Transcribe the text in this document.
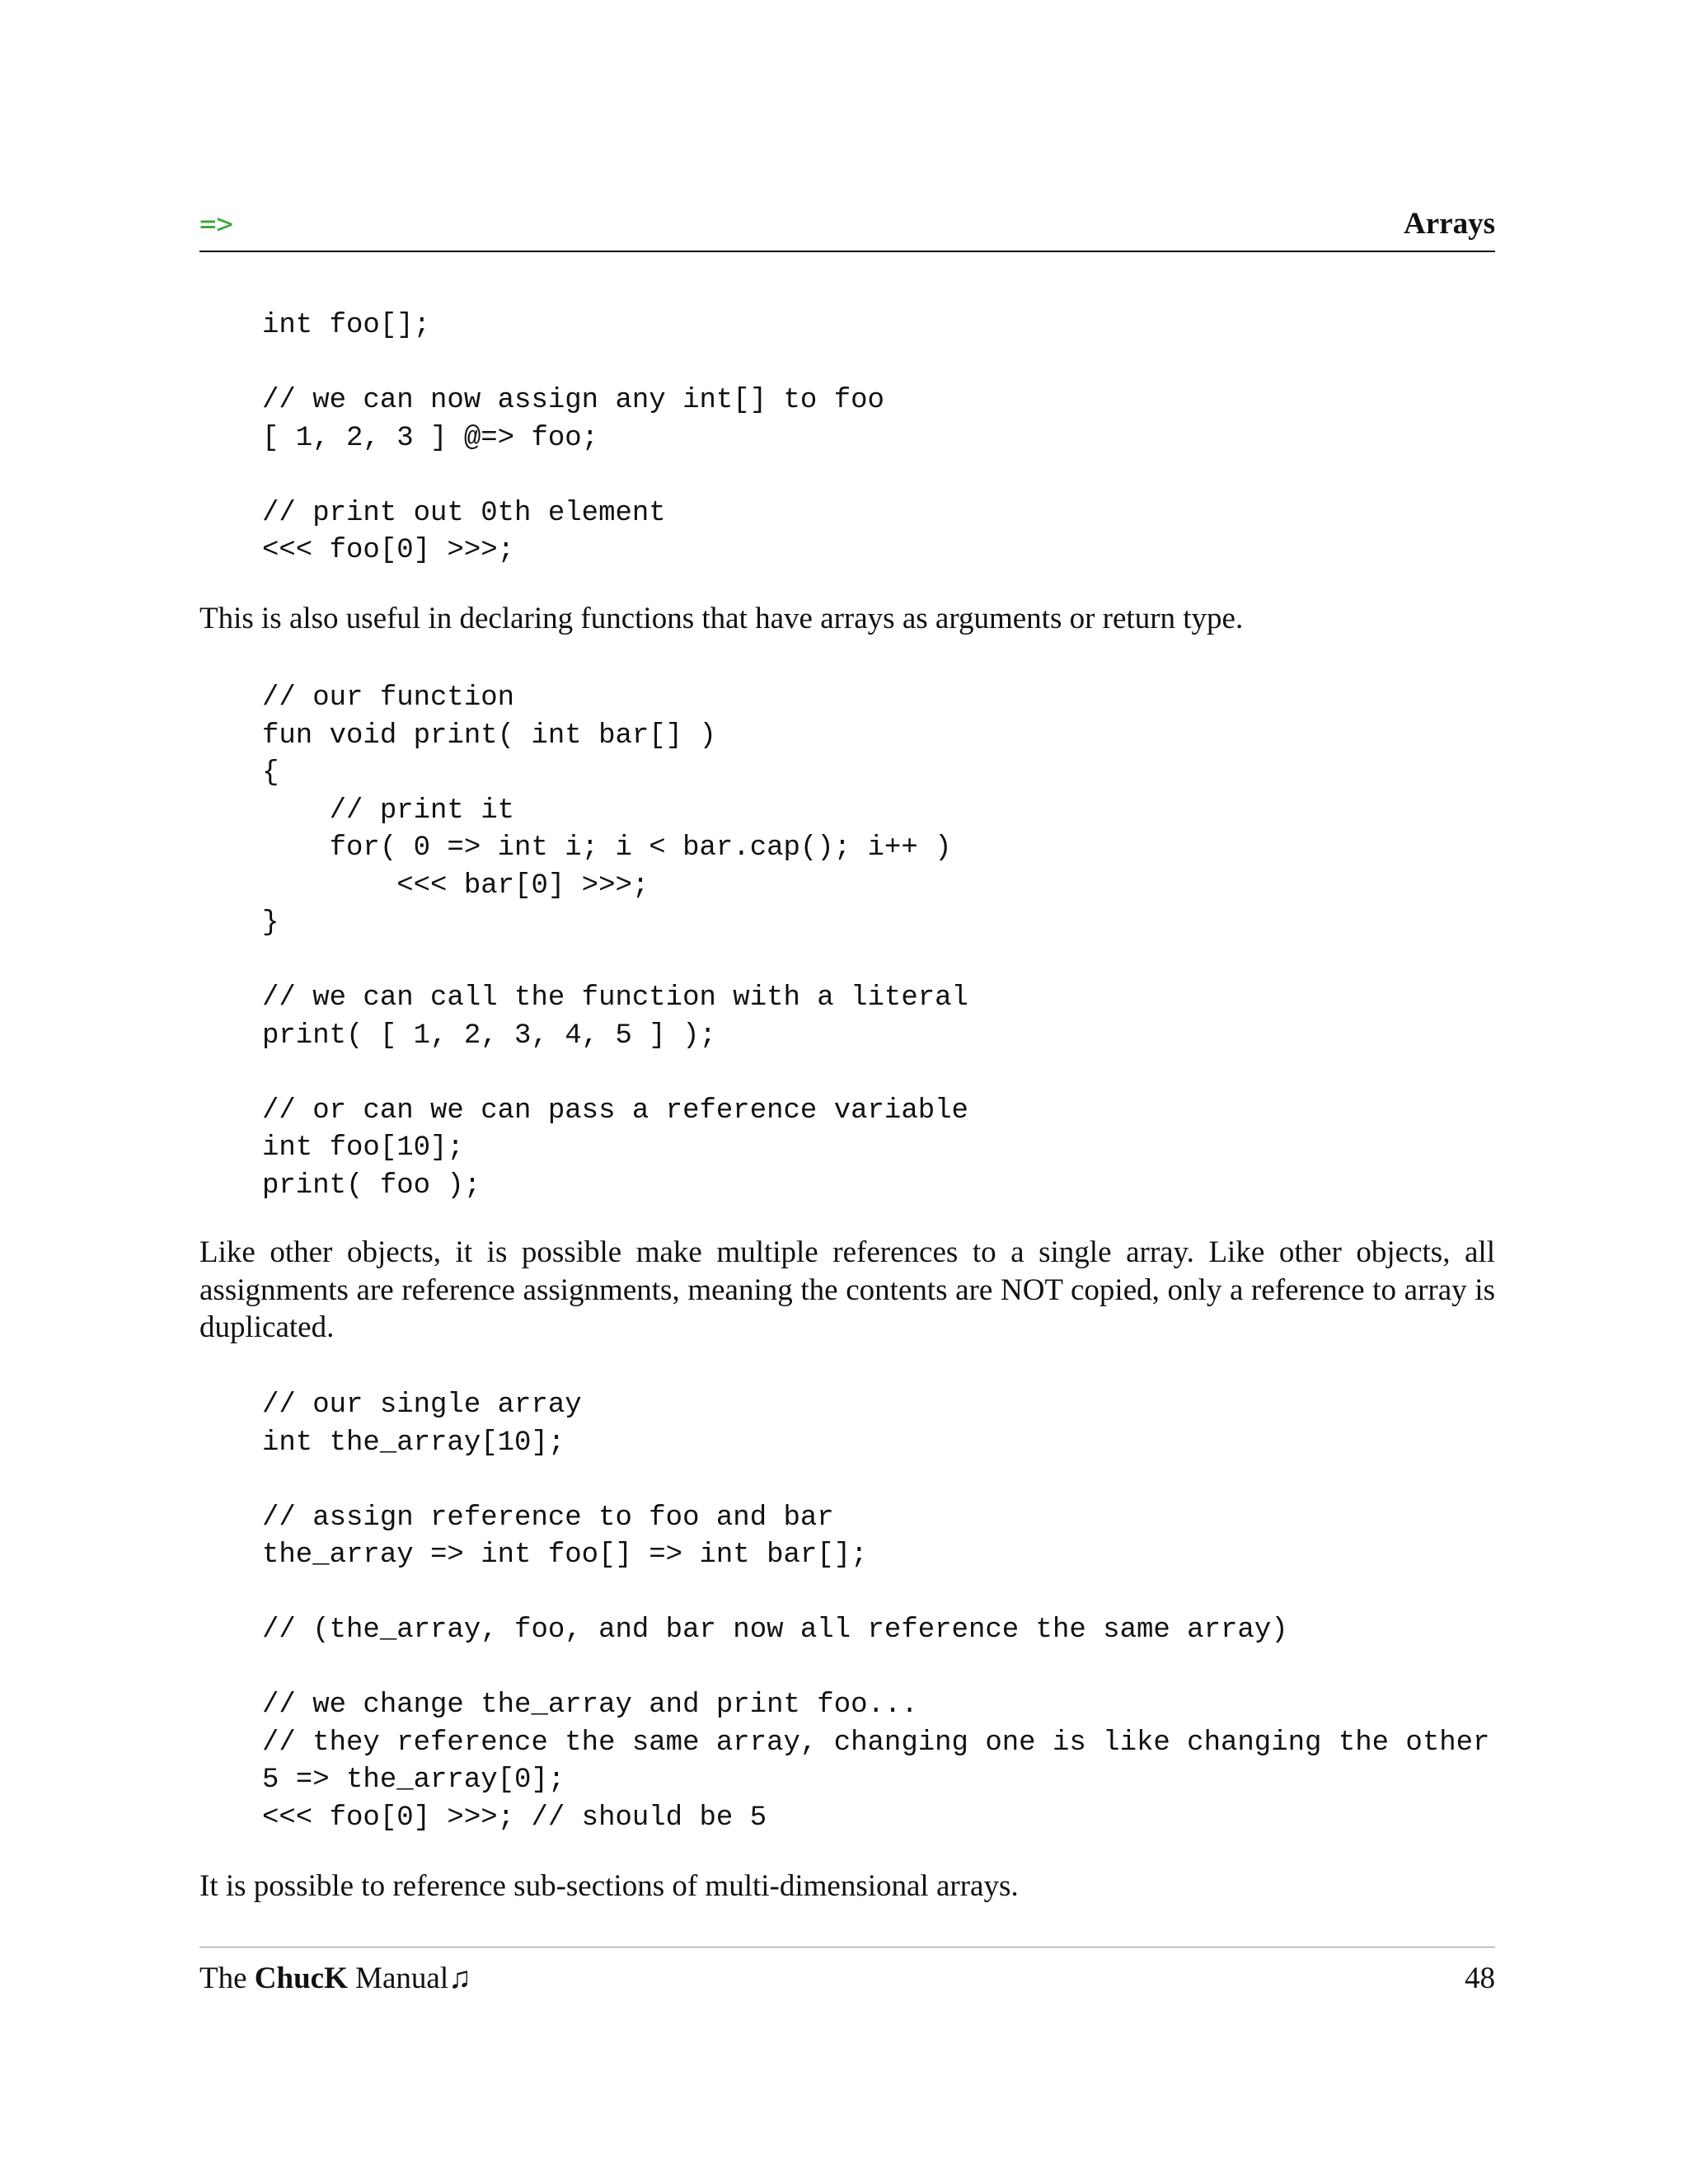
=>	Arrays
int foo[];

// we can now assign any int[] to foo
[ 1, 2, 3 ] @=> foo;

// print out 0th element
<<< foo[0] >>>;

This is also useful in declaring functions that have arrays as arguments or return type.

// our function
fun void print( int bar[] )
{
// print it
for( 0 => int i; i < bar.cap(); i++ )
<<< bar[0] >>>;
}

// we can call the function with a literal
print( [ 1, 2, 3, 4, 5 ] );

// or can we can pass a reference variable
int foo[10];
print( foo );

Like other objects, it is possible make multiple references to a single array. Like other objects, all assignments are reference assignments, meaning the contents are NOT copied, only a reference to array is duplicated.

// our single array
int the_array[10];

// assign reference to foo and bar
the_array => int foo[] => int bar[];

// (the_array, foo, and bar now all reference the same array)

// we change the_array and print foo...
// they reference the same array, changing one is like changing the other
5 => the_array[0];
<<< foo[0] >>>; // should be 5

It is possible to reference sub-sections of multi-dimensional arrays.

The ChucK Manual♫	48
